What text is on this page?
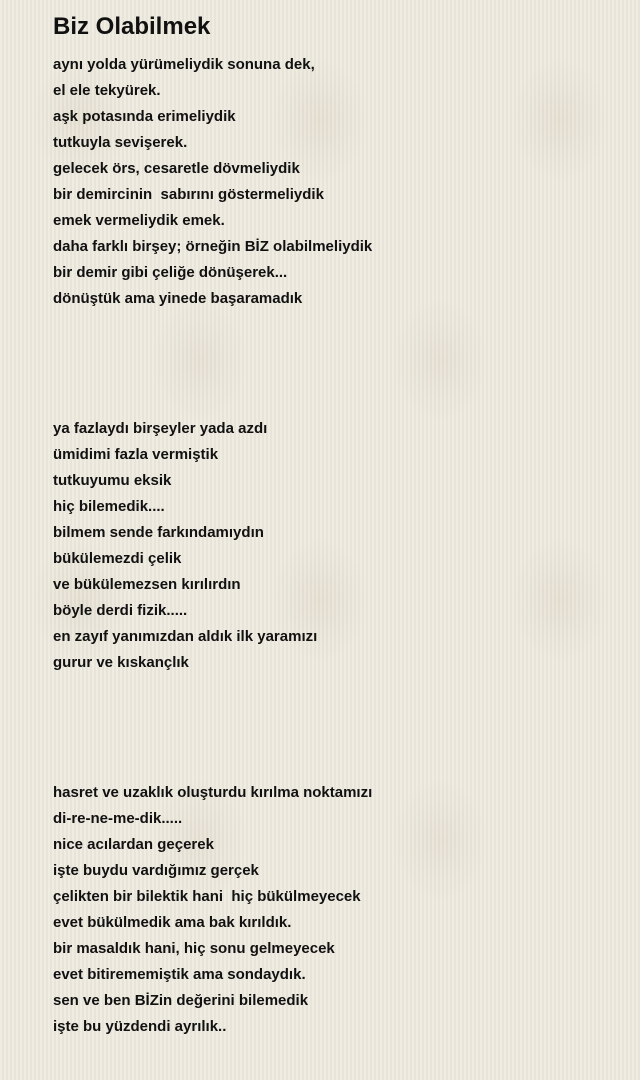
Biz Olabilmek
aynı yolda yürümeliydik sonuna dek,
el ele tekyürek.
aşk potasında erimeliydik
tutkuyla sevişerek.
gelecek örs, cesaretle dövmeliydik
bir demircinin  sabırını göstermeliydik
emek vermeliydik emek.
daha farklı birşey; örneğin BİZ olabilmeliydik
bir demir gibi çeliğe dönüşerek...
dönüştük ama yinede başaramadık
ya fazlaydı birşeyler yada azdı
ümidimi fazla vermiştik
tutkuyumu eksik
hiç bilemedik....
bilmem sende farkındamıydın
bükülemezdi çelik
ve bükülemezsen kırılırdın
böyle derdi fizik.....
en zayıf yanımızdan aldık ilk yaramızı
gurur ve kıskançlık
hasret ve uzaklık oluşturdu kırılma noktamızı
di-re-ne-me-dik.....
nice acılardan geçerek
işte buydu vardığımız gerçek
çelikten bir bilektik hani  hiç bükülmeyecek
evet bükülmedik ama bak kırıldık.
bir masaldık hani, hiç sonu gelmeyecek
evet bitirememiştik ama sondaydık.
sen ve ben BİZin değerini bilemedik
işte bu yüzdendi ayrılık..
